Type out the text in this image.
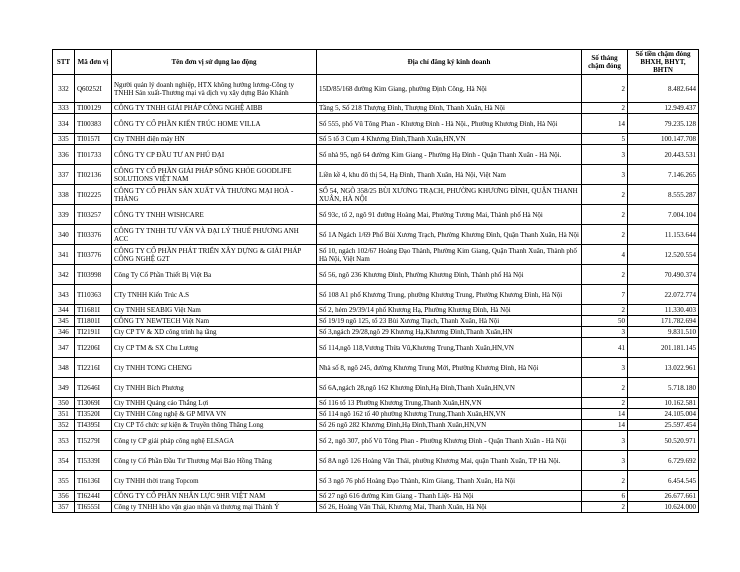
STT	Mã đơn vị	Tên đơn vị sử dụng lao động	Địa chỉ đăng ký kinh doanh	Số tháng chậm đóng	Số tiền chậm đóng BHXH, BHYT, BHTN
332	Q60252I	Người quản lý doanh nghiệp, HTX không hưởng lương-Công ty TNHH Sản xuất-Thương mại và dịch vụ xây dựng Bảo Khánh	15D/85/168 đường Kim Giang, phường Định Công, Hà Nội	2	8.482.644
333	TI00129	CÔNG TY TNHH GIẢI PHÁP CÔNG NGHỆ AIBB	Tầng 5, Số 218 Thượng Đình, Thượng Đình, Thanh Xuân, Hà Nội	2	12.949.437
334	TI00383	CÔNG TY CỔ PHẦN KIẾN TRÚC HOME VILLA	Số 555, phố Vũ Tông Phan - Khương Đình - Hà Nội., Phường Khương Đình, Hà Nội	14	79.235.128
335	TI0157I	Cty TNHH điện máy HN	Số 5 tổ 3 Cụm 4 Khương Đình,Thanh Xuân,HN,VN	5	100.147.708
336	TI01733	CÔNG TY CP ĐẦU TƯ AN PHÚ ĐẠI	Số nhà 95, ngõ 64 đường Kim Giang - Phường Hạ Đình - Quận Thanh Xuân - Hà Nội.	3	20.443.531
337	TI02136	CÔNG TY CỔ PHẦN GIẢI PHÁP SỐNG KHỎE GOODLIFE SOLUTIONS VIỆT NAM	Liền kề 4, khu đô thị 54, Hạ Đình, Thanh Xuân, Hà Nội, Việt Nam	3	7.146.265
338	TI02225	CÔNG TY CỔ PHẦN SẢN XUẤT VÀ THƯƠNG MẠI HOÀ - THÀNG	SỐ 54, NGÕ 358/25 BÙI XƯƠNG TRẠCH, PHƯỜNG KHƯƠNG ĐÌNH, QUẬN THANH XUÂN, HÀ NỘI	2	8.555.287
339	TI03257	CÔNG TY TNHH WISHCARE	Số 93c, tổ 2, ngõ 91 đường Hoàng Mai, Phường Tương Mai, Thành phố Hà Nội	2	7.004.104
340	TI03376	CÔNG TY TNHH TƯ VẤN VÀ ĐẠI LÝ THUẾ PHƯƠNG ANH ACC	Số 1A Ngách 1/69 Phố Bùi Xương Trạch, Phường Khương Đình, Quận Thanh Xuân, Hà Nội	2	11.153.644
341	TI03776	CÔNG TY CỔ PHẦN PHÁT TRIỂN XÂY DỰNG & GIẢI PHÁP CÔNG NGHỆ G2T	Số 10, ngách 102/67 Hoàng Đạo Thành, Phường Kim Giang, Quận Thanh Xuân, Thành phố Hà Nội, Việt Nam	4	12.520.554
342	TI03998	Công Ty Cổ Phần Thiết Bị Việt Ba	Số 56, ngõ 236 Khương Đình, Phường Khương Đình, Thành phố Hà Nội	2	70.490.374
343	TI10363	CTy TNHH Kiến Trúc A.S	Số 108 A1 phố Khương Trung, phường Khương Trung, Phường Khương Đình, Hà Nội	7	22.072.774
344	TI1681I	Cty TNHH SEABIG Việt Nam	Số 2, hẻm 29/39/14 phố Khương Hạ, Phường Khương Đình, Hà Nội	2	11.330.403
345	TI1801I	CÔNG TY NEWTECH Việt Nam	Số 19/19 ngõ 125, tổ 23 Bùi Xương Trạch, Thanh Xuân, Hà Nội	50	171.782.694
346	TI2191I	Cty CP TV & XD công trình hạ tầng	Số 3,ngách 29/28,ngõ 29 Khương Hạ,Khương Đình,Thanh Xuân,HN	3	9.831.510
347	TI2206I	Cty CP TM & SX Chu Lương	Số 114,ngõ 118,Vương Thừa Vũ,Khương Trung,Thanh Xuân,HN,VN	41	201.181.145
348	TI2216I	Cty TNHH TONG CHENG	Nhà số 8, ngõ 245, đường Khương Trung Mới, Phường Khương Đình, Hà Nội	3	13.022.961
349	TI2646I	Cty TNHH Bích Phương	Số 6A,ngách 28,ngõ 162 Khương Đình,Hạ Đình,Thanh Xuân,HN,VN	2	5.718.180
350	TI3069I	Cty TNHH Quảng cáo Thắng Lợi	Số 116 tổ 13 Phường Khương Trung,Thanh Xuân,HN,VN	2	10.162.581
351	TI3520I	Cty TNHH Công nghệ & GP MIVA VN	Số 114 ngõ 162 tổ 40 phường Khương Trung,Thanh Xuân,HN,VN	14	24.105.004
352	TI4395I	Cty CP Tổ chức sự kiện & Truyền thông Thăng Long	Số 26 ngõ 282 Khương Đình,Hạ Đình,Thanh Xuân,HN,VN	14	25.597.454
353	TI5279I	Công ty CP giải pháp công nghệ ELSAGA	Số 2, ngõ 307, phố Vũ Tông Phan - Phường Khương Đình - Quận Thanh Xuân - Hà Nội	3	50.520.971
354	TI5339I	Công ty Cổ Phần Đầu Tư Thương Mại Bảo Hồng Thăng	Số 8A ngõ 126 Hoàng Văn Thái, phường Khương Mai, quận Thanh Xuân, TP Hà Nội.	3	6.729.692
355	TI6136I	Cty TNHH thời trang Topcom	Số 3 ngõ 76 phố Hoàng Đạo Thành, Kim Giang, Thanh Xuân, Hà Nội	2	6.454.545
356	TI6244I	CÔNG TY CỔ PHẦN NHÂN LỰC 9HR VIỆT NAM	Số 27 ngõ 616 đường Kim Giang - Thanh Liệt- Hà Nội	6	26.677.661
357	TI6555I	Công ty TNHH kho vận giao nhận và thương mại Thành Ý	Số 26, Hoàng Văn Thái, Khương Mai, Thanh Xuân, Hà Nội	2	10.624.000
